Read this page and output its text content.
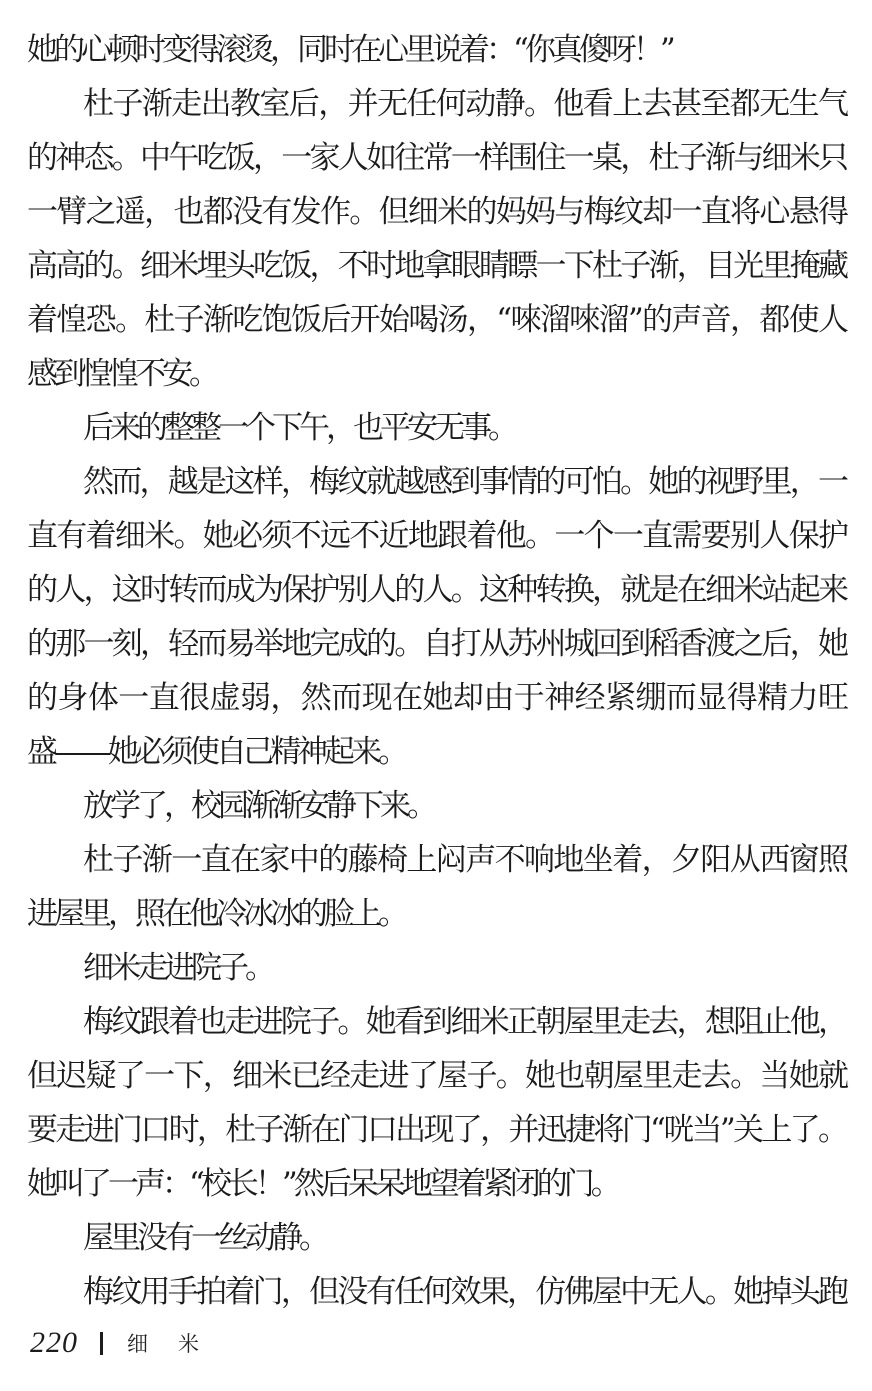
她的心顿时变得滚烫，同时在心里说着：“你真傻呀！”
杜子渐走出教室后，并无任何动静。他看上去甚至都无生气
的神态。中午吃饭，一家人如往常一样围住一桌，杜子渐与细米只
一臂之遥，也都没有发作。但细米的妈妈与梅纹却一直将心悬得
高高的。细米埋头吃饭，不时地拿眼睛瞟一下杜子渐，目光里掩藏
着惶恐。杜子渐吃饱饭后开始喝汤，“唻溜唻溜”的声音，都使人
感到惶惶不安。
后来的整整一个下午，也平安无事。
然而，越是这样，梅纹就越感到事情的可怕。她的视野里，一
直有着细米。她必须不远不近地跟着他。一个一直需要别人保护
的人，这时转而成为保护别人的人。这种转换，就是在细米站起来
的那一刻，轻而易举地完成的。自打从苏州城回到稻香渡之后，她
的身体一直很虚弱，然而现在她却由于神经紧绷而显得精力旺
盛——她必须使自己精神起来。
放学了，校园渐渐安静下来。
杜子渐一直在家中的藤椅上闷声不响地坐着，夕阳从西窗照
进屋里，照在他冷冰冰的脸上。
细米走进院子。
梅纹跟着也走进院子。她看到细米正朝屋里走去，想阻止他，
但迟疑了一下，细米已经走进了屋子。她也朝屋里走去。当她就
要走进门口时，杜子渐在门口出现了，并迅捷将门“咣当”关上了。
她叫了一声：“校长！”然后呆呆地望着紧闭的门。
屋里没有一丝动静。
梅纹用手拍着门，但没有任何效果，仿佛屋中无人。她掉头跑
220 细米
